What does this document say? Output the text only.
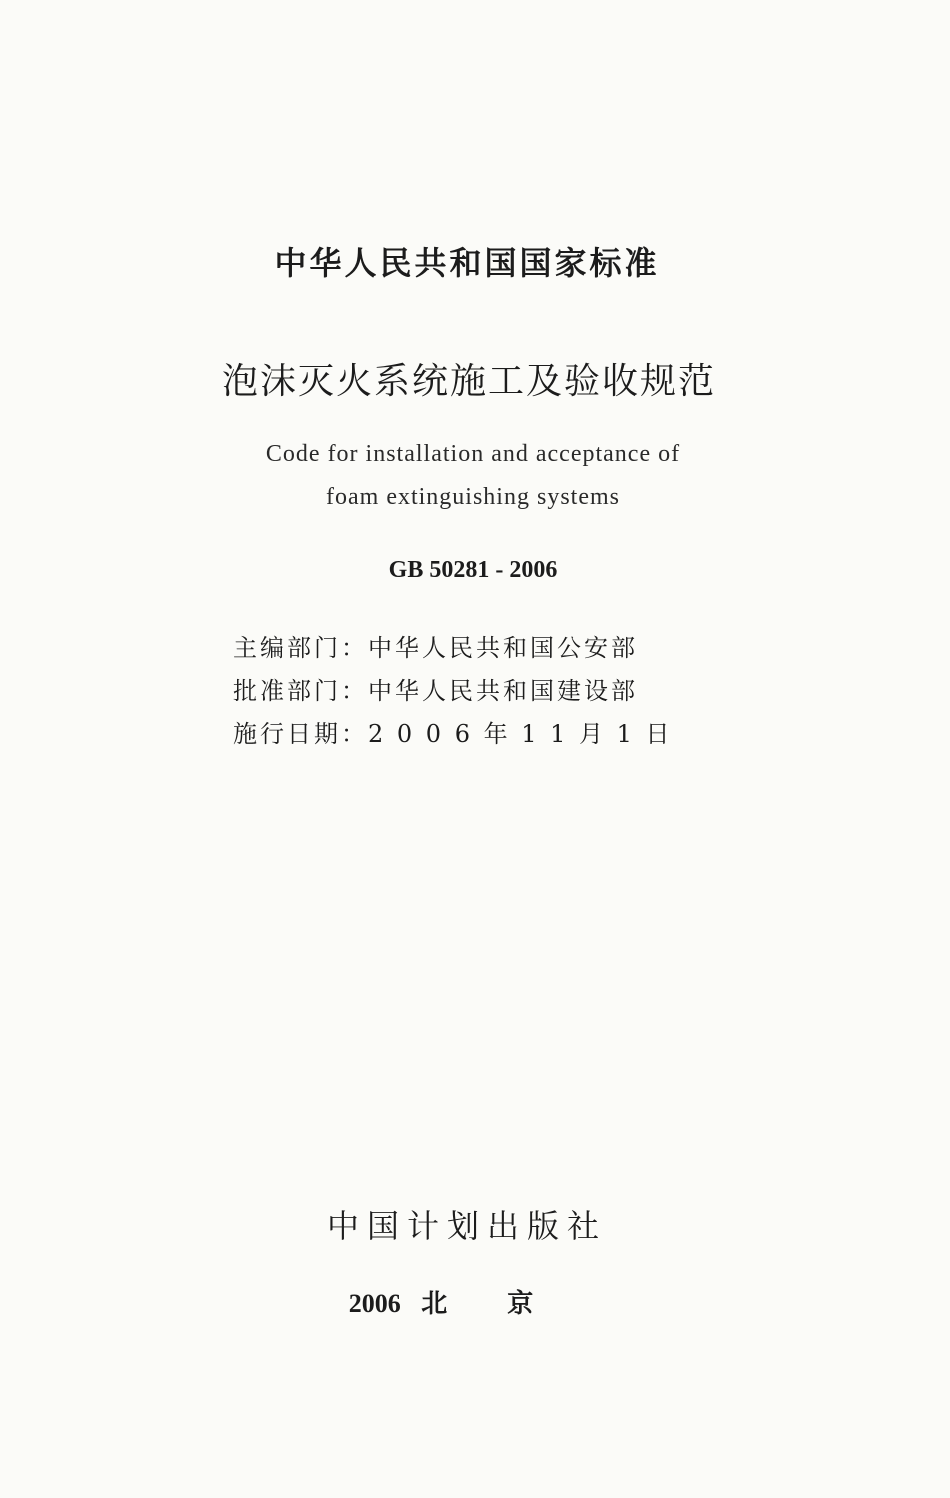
中华人民共和国国家标准
泡沫灭火系统施工及验收规范
Code for installation and acceptance of
foam extinguishing systems
GB 50281 - 2006
主编部门：中华人民共和国公安部
批准部门：中华人民共和国建设部
施行日期：2 0 0 6 年 1 1 月 1 日
中国计划出版社
2006 北京
